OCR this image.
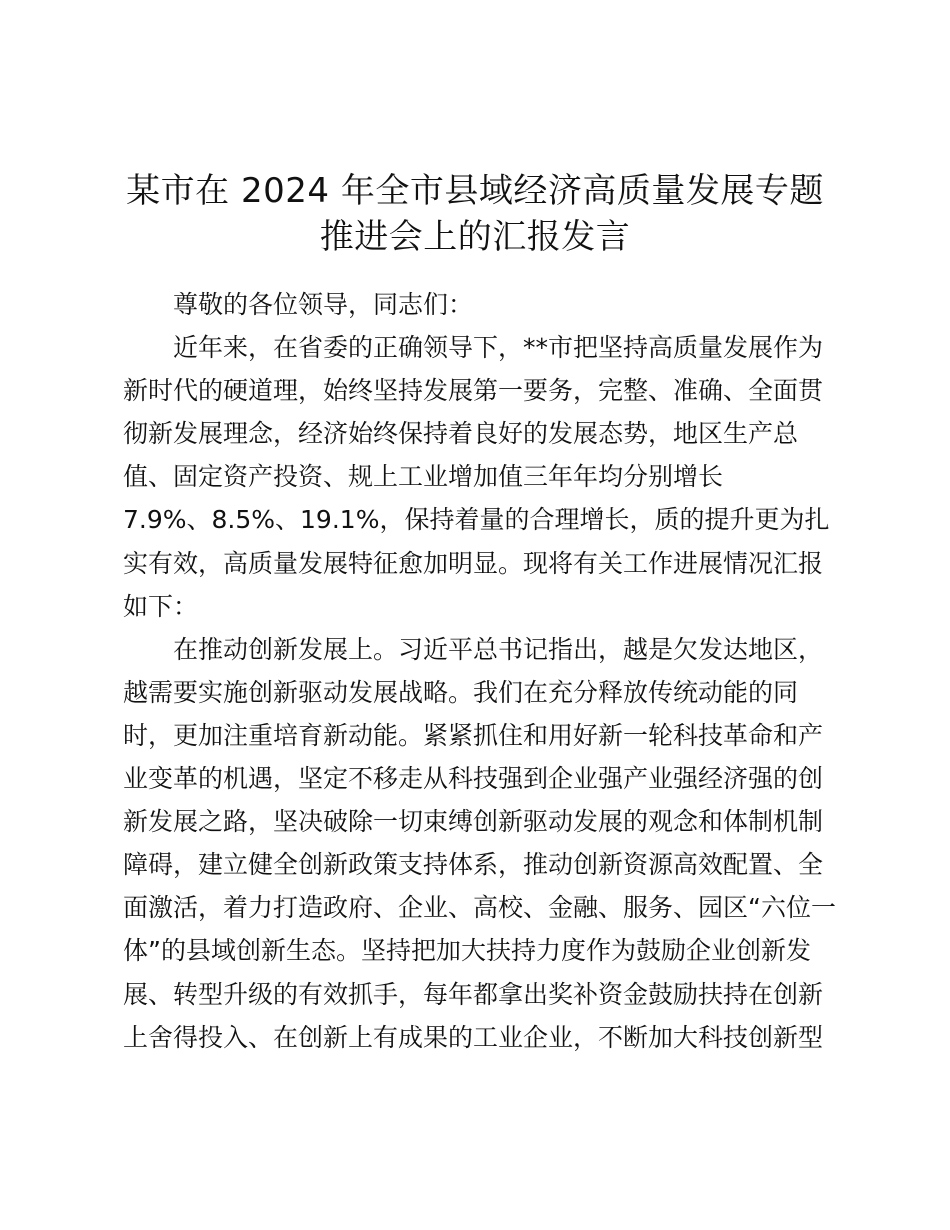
某市在 2024 年全市县域经济高质量发展专题
推进会上的汇报发言
尊敬的各位领导，同志们：
近年来，在省委的正确领导下，**市把坚持高质量发展作为
新时代的硬道理，始终坚持发展第一要务，完整、准确、全面贯
彻新发展理念，经济始终保持着良好的发展态势，地区生产总
值、固定资产投资、规上工业增加值三年年均分别增长
7.9%、8.5%、19.1%，保持着量的合理增长，质的提升更为扎
实有效，高质量发展特征愈加明显。现将有关工作进展情况汇报
如下：
在推动创新发展上。习近平总书记指出，越是欠发达地区，
越需要实施创新驱动发展战略。我们在充分释放传统动能的同
时，更加注重培育新动能。紧紧抓住和用好新一轮科技革命和产
业变革的机遇，坚定不移走从科技强到企业强产业强经济强的创
新发展之路，坚决破除一切束缚创新驱动发展的观念和体制机制
障碍，建立健全创新政策支持体系，推动创新资源高效配置、全
面激活，着力打造政府、企业、高校、金融、服务、园区“六位一
体”的县域创新生态。坚持把加大扶持力度作为鼓励企业创新发
展、转型升级的有效抓手，每年都拿出奖补资金鼓励扶持在创新
上舍得投入、在创新上有成果的工业企业，不断加大科技创新型
